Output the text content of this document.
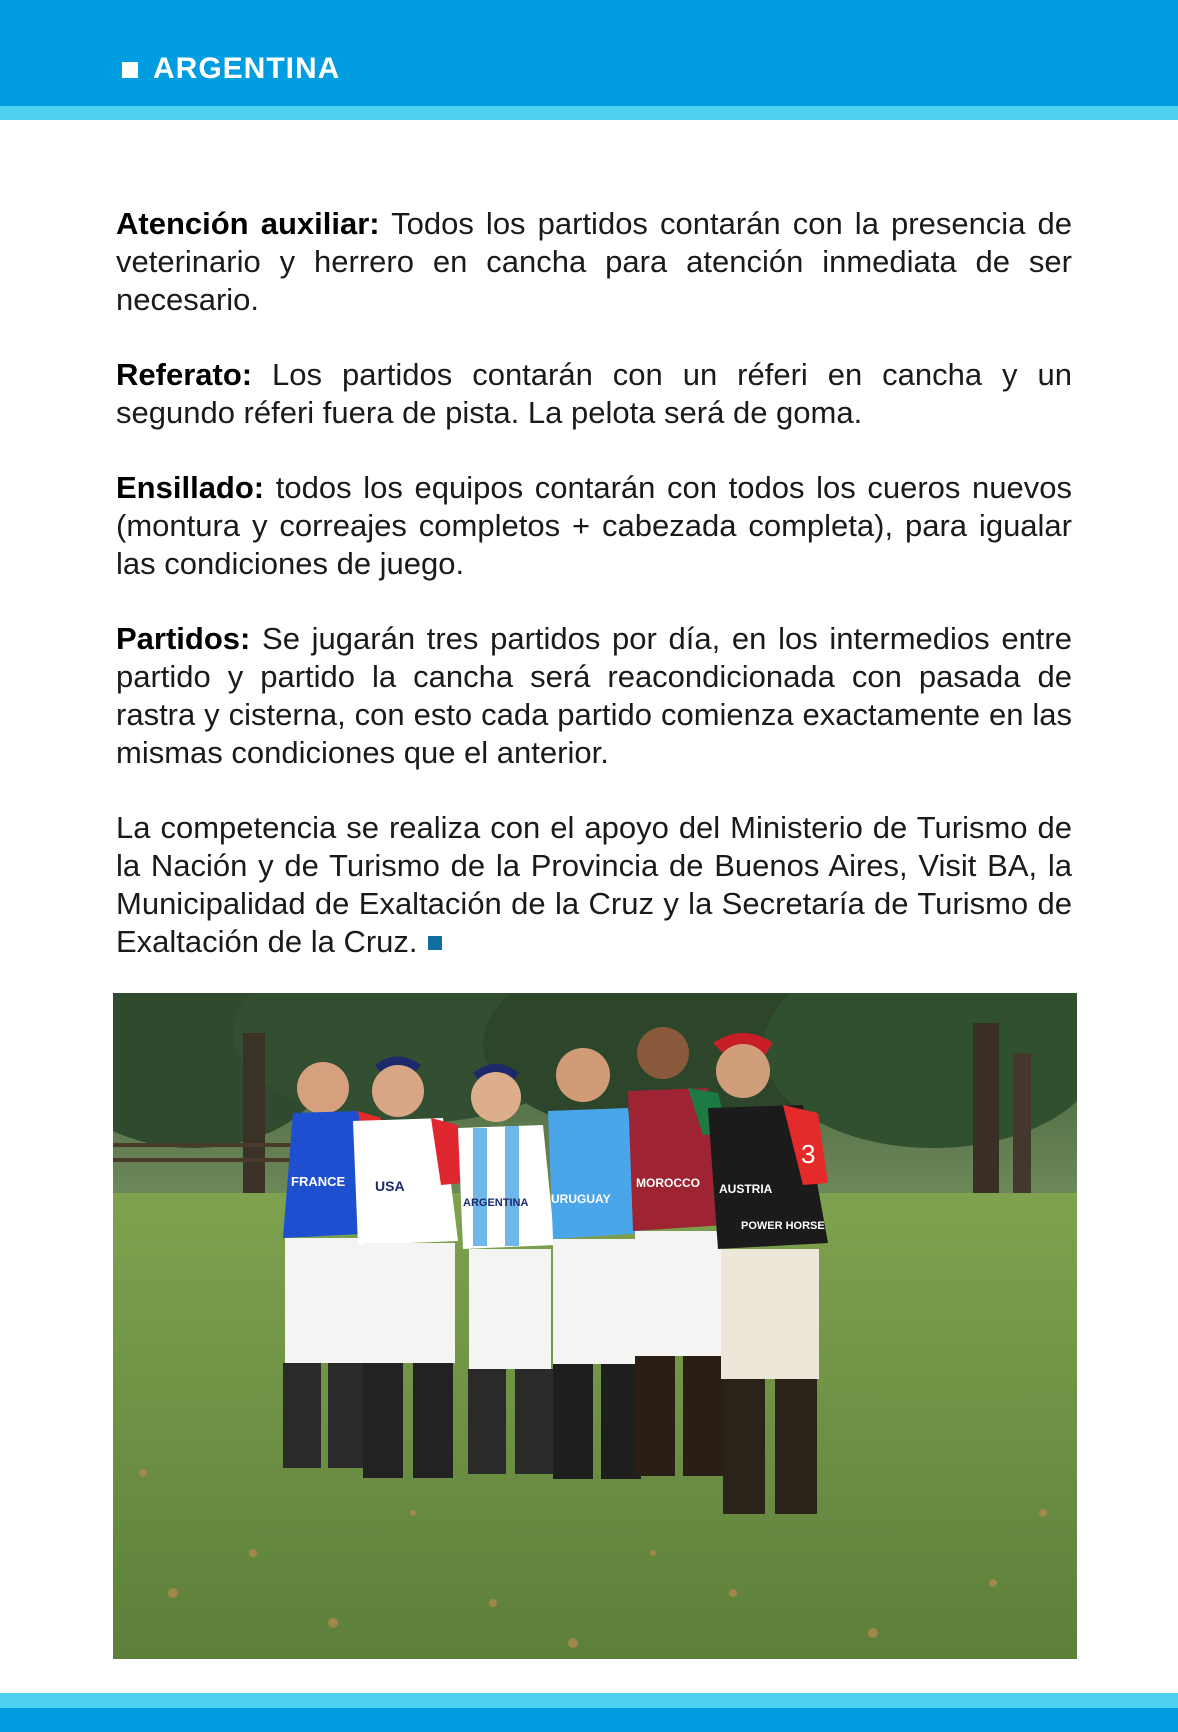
ARGENTINA

Atención auxiliar: Todos los partidos contarán con la presencia de veterinario y herrero en cancha para atención inmediata de ser necesario.

Referato: Los partidos contarán con un réferi en cancha y un segundo réferi fuera de pista. La pelota será de goma.

Ensillado: todos los equipos contarán con todos los cueros nuevos (montura y correajes completos + cabezada completa), para igualar las condiciones de juego.

Partidos: Se jugarán tres partidos por día, en los intermedios entre partido y partido la cancha será reacondicionada con pasada de rastra y cisterna, con esto cada partido comienza exactamente en las mismas condiciones que el anterior.

La competencia se realiza con el apoyo del Ministerio de Turismo de la Nación y de Turismo de la Provincia de Buenos Aires, Visit BA, la Municipalidad de Exaltación de la Cruz y la Secretaría de Turismo de Exaltación de la Cruz.

FRANCE USA
ARGENTINA URUGUAY
MOROCCO AUSTRIA
POWER HORSE
3
